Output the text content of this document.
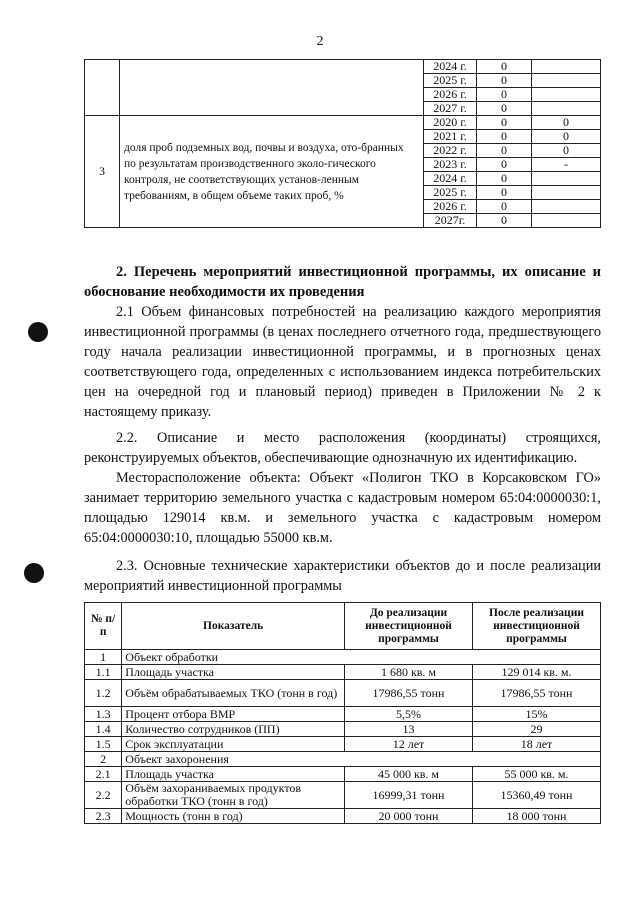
2
		2024 г.	0	
		2025 г.	0	
		2026 г.	0	
		2027 г.	0	
3	доля проб подземных вод, почвы и воздуха, ото-бранных по результатам производственного эколо-гического контроля, не соответствующих установ-ленным требованиям, в общем объеме таких проб, %	2020 г.	0	0
		2021 г.	0	0
		2022 г.	0	0
		2023 г.	0	-
		2024 г.	0	
		2025 г.	0	
		2026 г.	0	
		2027г.	0	

2. Перечень мероприятий инвестиционной программы, их описание и обоснование необходимости их проведения

2.1 Объем финансовых потребностей на реализацию каждого мероприятия инвестиционной программы (в ценах последнего отчетного года, предшествующего году начала реализации инвестиционной программы, и в прогнозных ценах соответствующего года, определенных с использованием индекса потребительских цен на очередной год и плановый период) приведен в Приложении № 2 к настоящему приказу.

2.2. Описание и место расположения (координаты) строящихся, реконструируемых объектов, обеспечивающие однозначную их идентификацию.

Месторасположение объекта: Объект «Полигон ТКО в Корсаковском ГО» занимает территорию земельного участка с кадастровым номером 65:04:0000030:1, площадью 129014 кв.м. и земельного участка с кадастровым номером 65:04:0000030:10, площадью 55000 кв.м.

2.3. Основные технические характеристики объектов до и после реализации мероприятий инвестиционной программы

№ п/п	Показатель	До реализации инвестиционной программы	После реализации инвестиционной программы
1	Объект обработки		
1.1	Площадь участка	1 680 кв. м	129 014 кв. м.
1.2	Объём обрабатываемых ТКО (тонн в год)	17986,55 тонн	17986,55 тонн
1.3	Процент отбора ВМР	5,5%	15%
1.4	Количество сотрудников (ПП)	13	29
1.5	Срок эксплуатации	12 лет	18 лет
2	Объект захоронения		
2.1	Площадь участка	45 000 кв. м	55 000 кв. м.
2.2	Объём захораниваемых продуктов обработки ТКО (тонн в год)	16999,31 тонн	15360,49 тонн
2.3	Мощность (тонн в год)	20 000 тонн	18 000 тонн
